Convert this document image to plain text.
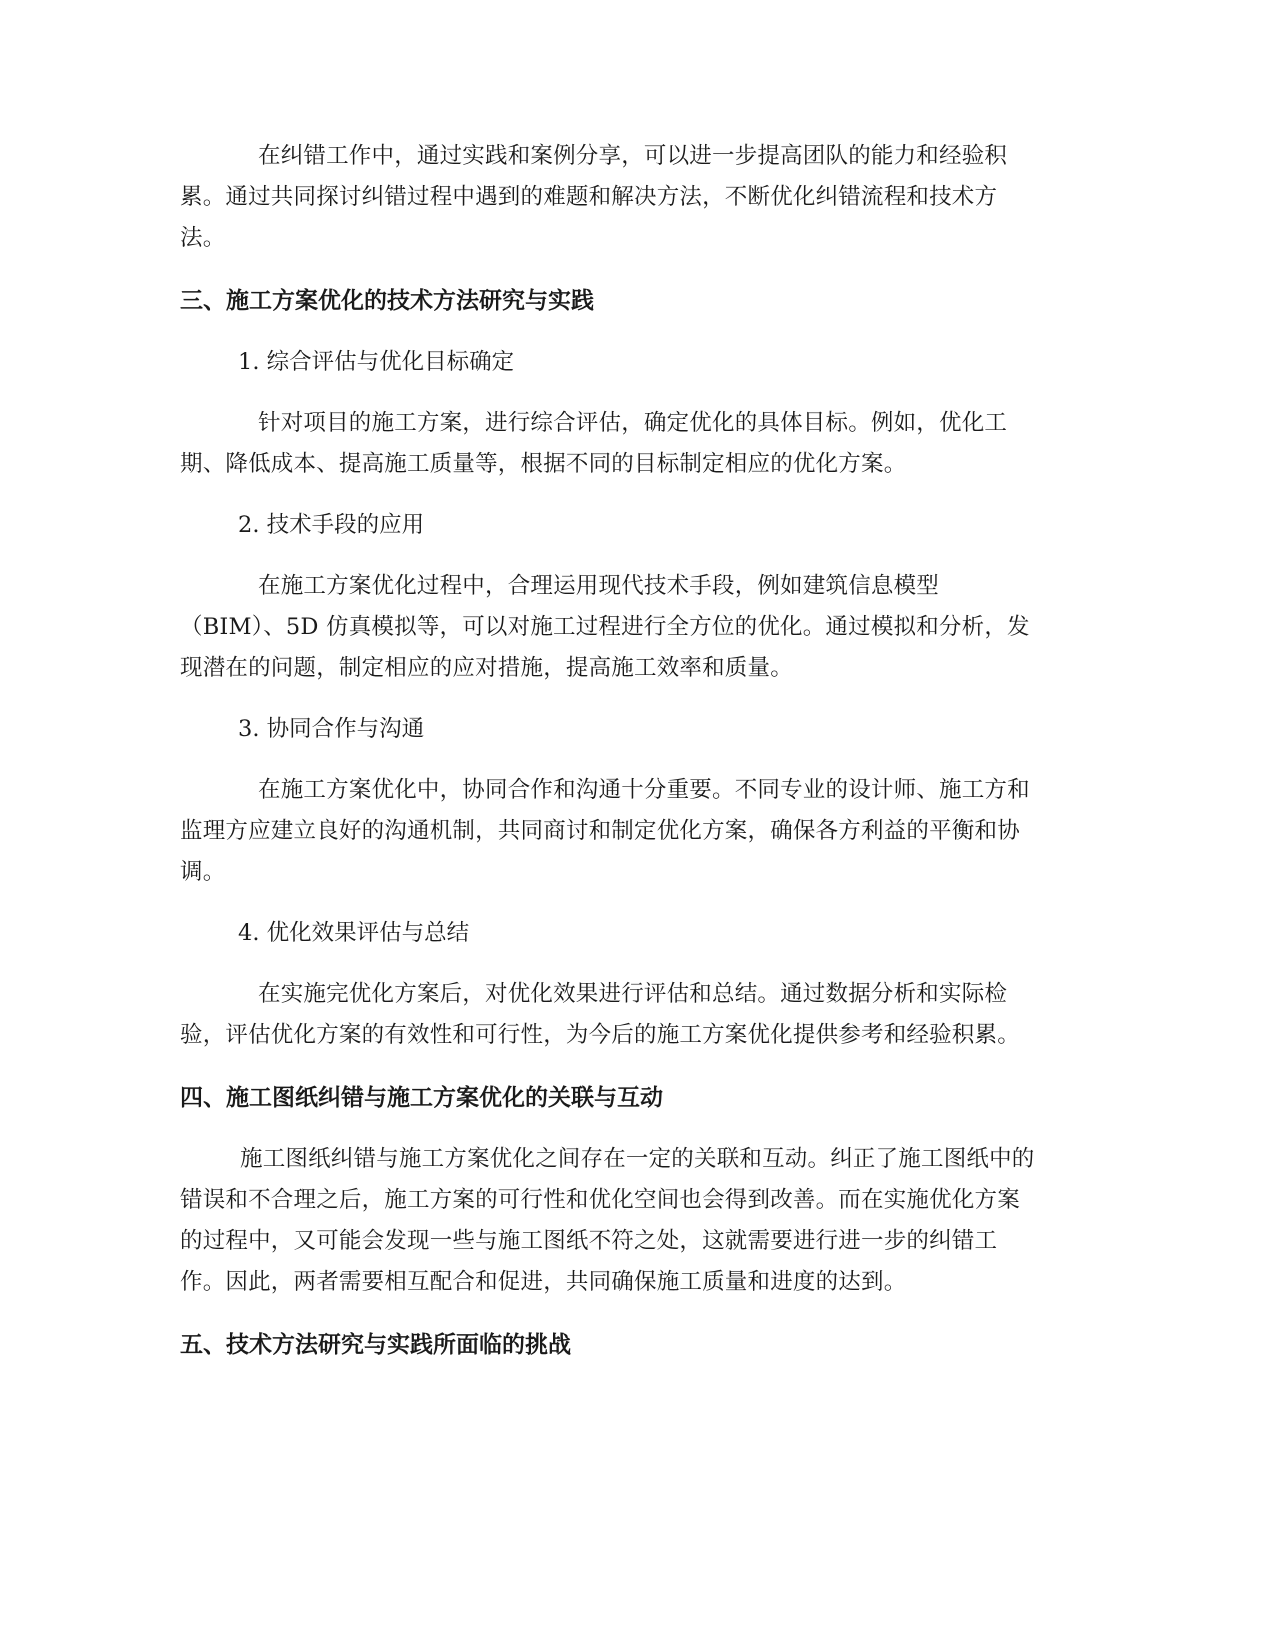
在纠错工作中，通过实践和案例分享，可以进一步提高团队的能力和经验积累。通过共同探讨纠错过程中遇到的难题和解决方法，不断优化纠错流程和技术方法。

三、施工方案优化的技术方法研究与实践

1. 综合评估与优化目标确定

针对项目的施工方案，进行综合评估，确定优化的具体目标。例如，优化工期、降低成本、提高施工质量等，根据不同的目标制定相应的优化方案。

2. 技术手段的应用

在施工方案优化过程中，合理运用现代技术手段，例如建筑信息模型（BIM）、5D 仿真模拟等，可以对施工过程进行全方位的优化。通过模拟和分析，发现潜在的问题，制定相应的应对措施，提高施工效率和质量。

3. 协同合作与沟通

在施工方案优化中，协同合作和沟通十分重要。不同专业的设计师、施工方和监理方应建立良好的沟通机制，共同商讨和制定优化方案，确保各方利益的平衡和协调。

4. 优化效果评估与总结

在实施完优化方案后，对优化效果进行评估和总结。通过数据分析和实际检验，评估优化方案的有效性和可行性，为今后的施工方案优化提供参考和经验积累。

四、施工图纸纠错与施工方案优化的关联与互动

施工图纸纠错与施工方案优化之间存在一定的关联和互动。纠正了施工图纸中的错误和不合理之后，施工方案的可行性和优化空间也会得到改善。而在实施优化方案的过程中，又可能会发现一些与施工图纸不符之处，这就需要进行进一步的纠错工作。因此，两者需要相互配合和促进，共同确保施工质量和进度的达到。

五、技术方法研究与实践所面临的挑战
